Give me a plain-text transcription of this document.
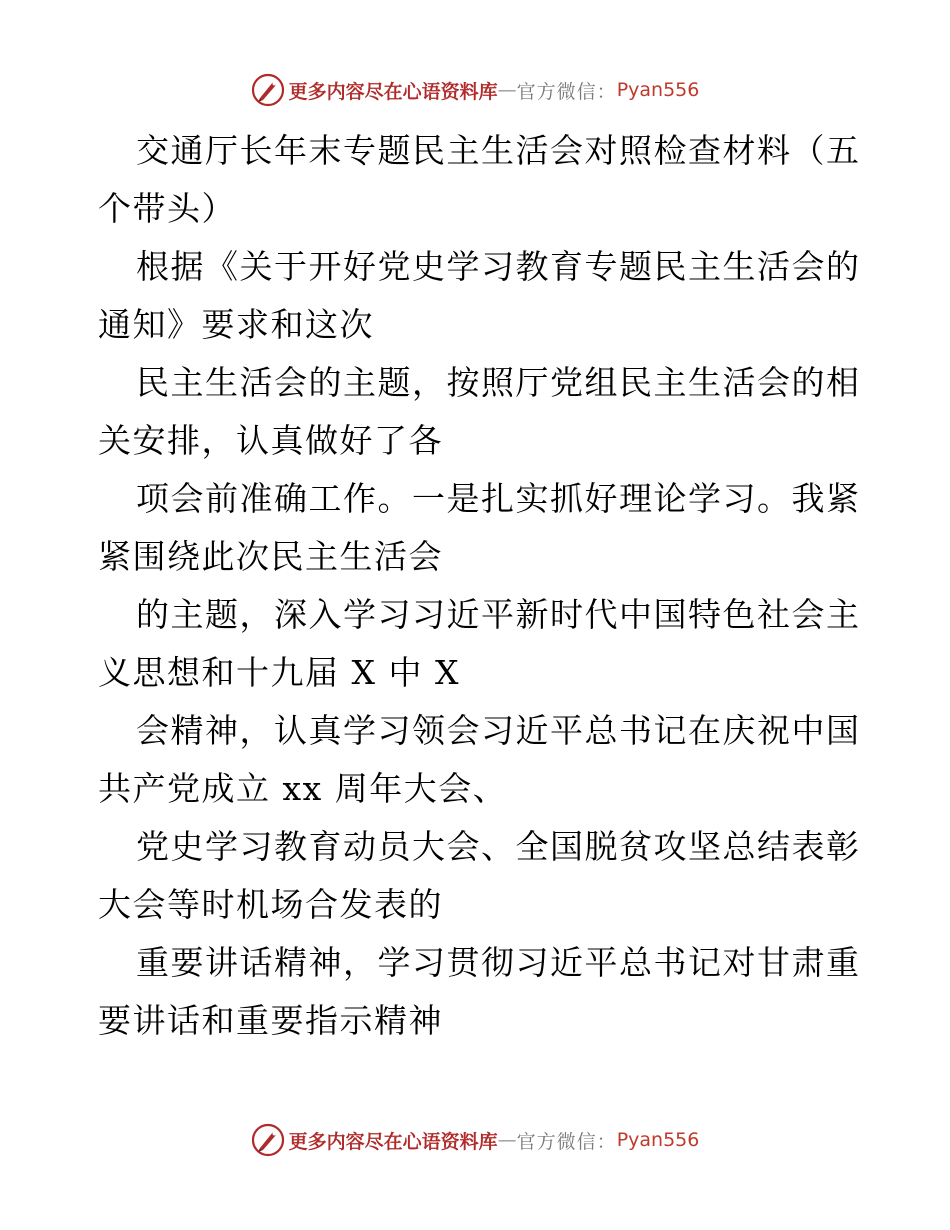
更多内容尽在心语资料库 — 官方微信： Pyan556
交通厅长年末专题民主生活会对照检查材料（五
个带头）
根据《关于开好党史学习教育专题民主生活会的
通知》要求和这次
民主生活会的主题，按照厅党组民主生活会的相
关安排，认真做好了各
项会前准确工作。一是扎实抓好理论学习。我紧
紧围绕此次民主生活会
的主题，深入学习习近平新时代中国特色社会主
义思想和十九届 X 中 X
会精神，认真学习领会习近平总书记在庆祝中国
共产党成立 xx 周年大会、
党史学习教育动员大会、全国脱贫攻坚总结表彰
大会等时机场合发表的
重要讲话精神，学习贯彻习近平总书记对甘肃重
要讲话和重要指示精神
更多内容尽在心语资料库 — 官方微信： Pyan556
